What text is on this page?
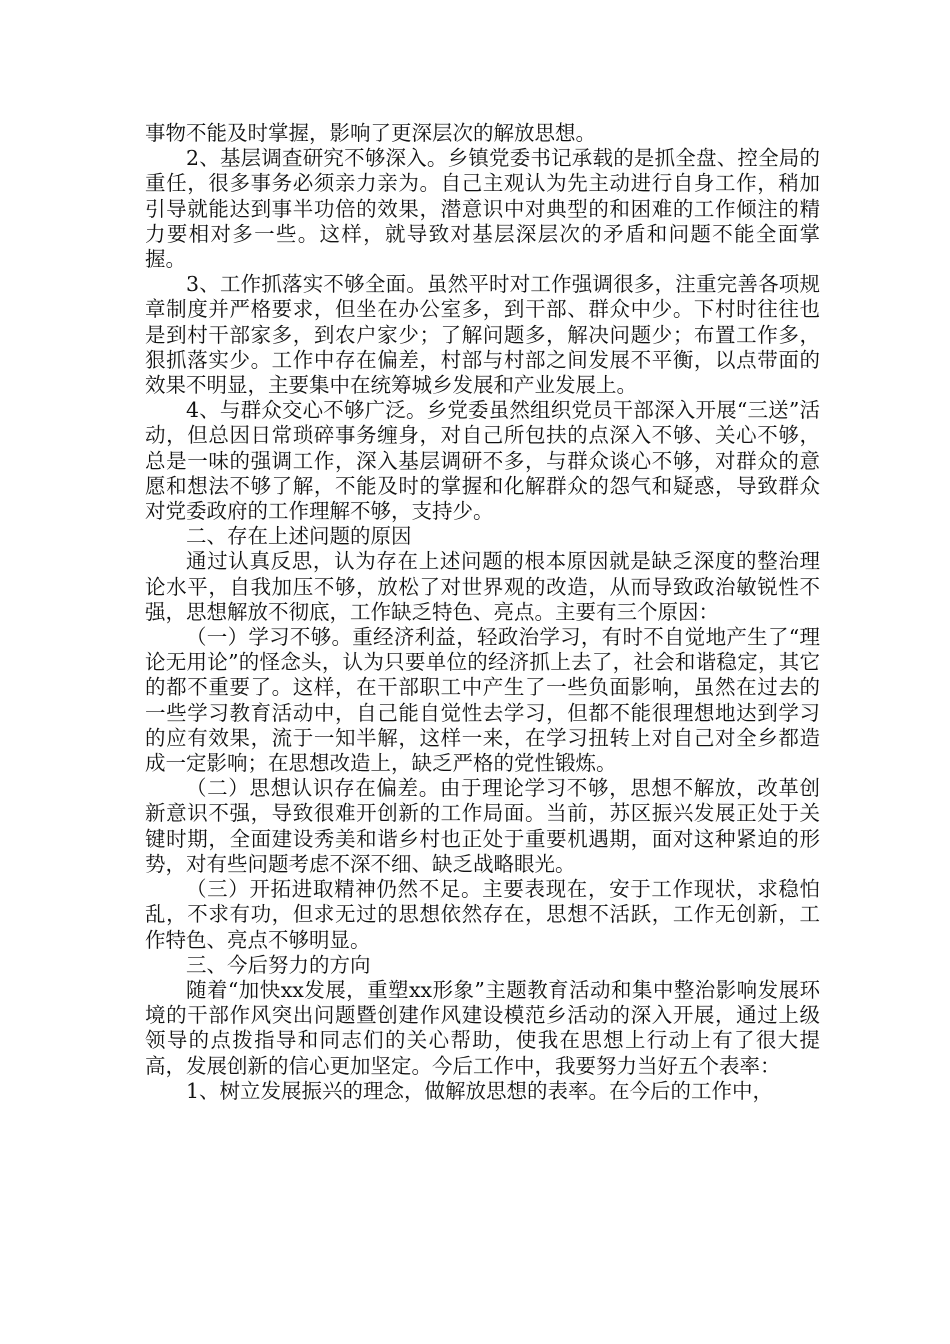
事物不能及时掌握，影响了更深层次的解放思想。

2、基层调查研究不够深入。乡镇党委书记承载的是抓全盘、控全局的重任，很多事务必须亲力亲为。自己主观认为先主动进行自身工作，稍加引导就能达到事半功倍的效果，潜意识中对典型的和困难的工作倾注的精力要相对多一些。这样，就导致对基层深层次的矛盾和问题不能全面掌握。

3、工作抓落实不够全面。虽然平时对工作强调很多，注重完善各项规章制度并严格要求，但坐在办公室多，到干部、群众中少。下村时往往也是到村干部家多，到农户家少；了解问题多，解决问题少；布置工作多，狠抓落实少。工作中存在偏差，村部与村部之间发展不平衡，以点带面的效果不明显，主要集中在统筹城乡发展和产业发展上。

4、与群众交心不够广泛。乡党委虽然组织党员干部深入开展“三送”活动，但总因日常琐碎事务缠身，对自己所包扶的点深入不够、关心不够，总是一味的强调工作，深入基层调研不多，与群众谈心不够，对群众的意愿和想法不够了解，不能及时的掌握和化解群众的怨气和疑惑，导致群众对党委政府的工作理解不够，支持少。

二、存在上述问题的原因

通过认真反思，认为存在上述问题的根本原因就是缺乏深度的整治理论水平，自我加压不够，放松了对世界观的改造，从而导致政治敏锐性不强，思想解放不彻底，工作缺乏特色、亮点。主要有三个原因：

（一）学习不够。重经济利益，轻政治学习，有时不自觉地产生了“理论无用论”的怪念头，认为只要单位的经济抓上去了，社会和谐稳定，其它的都不重要了。这样，在干部职工中产生了一些负面影响，虽然在过去的一些学习教育活动中，自己能自觉性去学习，但都不能很理想地达到学习的应有效果，流于一知半解，这样一来，在学习扭转上对自己对全乡都造成一定影响；在思想改造上，缺乏严格的党性锻炼。

（二）思想认识存在偏差。由于理论学习不够，思想不解放，改革创新意识不强，导致很难开创新的工作局面。当前，苏区振兴发展正处于关键时期，全面建设秀美和谐乡村也正处于重要机遇期，面对这种紧迫的形势，对有些问题考虑不深不细、缺乏战略眼光。

（三）开拓进取精神仍然不足。主要表现在，安于工作现状，求稳怕乱，不求有功，但求无过的思想依然存在，思想不活跃，工作无创新，工作特色、亮点不够明显。

三、今后努力的方向

随着“加快xx发展，重塑xx形象”主题教育活动和集中整治影响发展环境的干部作风突出问题暨创建作风建设模范乡活动的深入开展，通过上级领导的点拨指导和同志们的关心帮助，使我在思想上行动上有了很大提高，发展创新的信心更加坚定。今后工作中，我要努力当好五个表率：

1、树立发展振兴的理念，做解放思想的表率。在今后的工作中，
